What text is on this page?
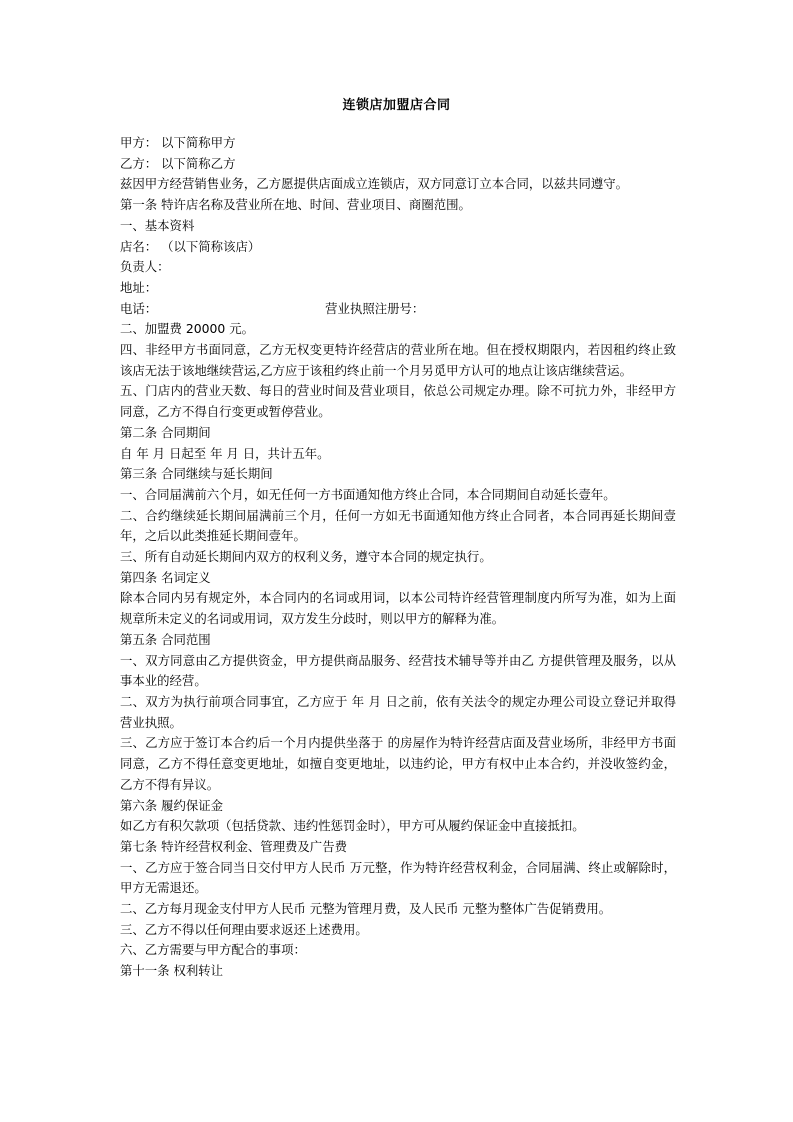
连锁店加盟店合同

甲方： 以下简称甲方

乙方： 以下简称乙方

兹因甲方经营销售业务，乙方愿提供店面成立连锁店，双方同意订立本合同，以兹共同遵守。

第一条 特许店名称及营业所在地、时间、营业项目、商圈范围。

一、基本资料

店名： （以下简称该店）

负责人：

地址：

电话：	营业执照注册号：

二、加盟费 20000 元。

四、非经甲方书面同意，乙方无权变更特许经营店的营业所在地。但在授权期限内，若因租约终止致该店无法于该地继续营运,乙方应于该租约终止前一个月另觅甲方认可的地点让该店继续营运。

五、门店内的营业天数、每日的营业时间及营业项目，依总公司规定办理。除不可抗力外，非经甲方同意，乙方不得自行变更或暂停营业。

第二条 合同期间

自 年 月 日起至 年 月 日，共计五年。

第三条 合同继续与延长期间

一、合同届满前六个月，如无任何一方书面通知他方终止合同，本合同期间自动延长壹年。

二、合约继续延长期间届满前三个月，任何一方如无书面通知他方终止合同者，本合同再延长期间壹年，之后以此类推延长期间壹年。

三、所有自动延长期间内双方的权利义务，遵守本合同的规定执行。

第四条 名词定义

除本合同内另有规定外，本合同内的名词或用词，以本公司特许经营管理制度内所写为准，如为上面规章所未定义的名词或用词，双方发生分歧时，则以甲方的解释为准。

第五条 合同范围

一、双方同意由乙方提供资金，甲方提供商品服务、经营技术辅导等并由乙 方提供管理及服务，以从事本业的经营。

二、双方为执行前项合同事宜，乙方应于 年 月 日之前，依有关法令的规定办理公司设立登记并取得营业执照。

三、乙方应于签订本合约后一个月内提供坐落于 的房屋作为特许经营店面及营业场所，非经甲方书面同意，乙方不得任意变更地址，如擅自变更地址，以违约论，甲方有权中止本合约，并没收签约金，乙方不得有异议。

第六条 履约保证金

如乙方有积欠款项（包括贷款、违约性惩罚金时），甲方可从履约保证金中直接抵扣。

第七条 特许经营权利金、管理费及广告费

一、乙方应于签合同当日交付甲方人民币 万元整，作为特许经营权利金，合同届满、终止或解除时，甲方无需退还。

二、乙方每月现金支付甲方人民币 元整为管理月费，及人民币 元整为整体广告促销费用。

三、乙方不得以任何理由要求返还上述费用。

六、乙方需要与甲方配合的事项：

第十一条 权利转让
